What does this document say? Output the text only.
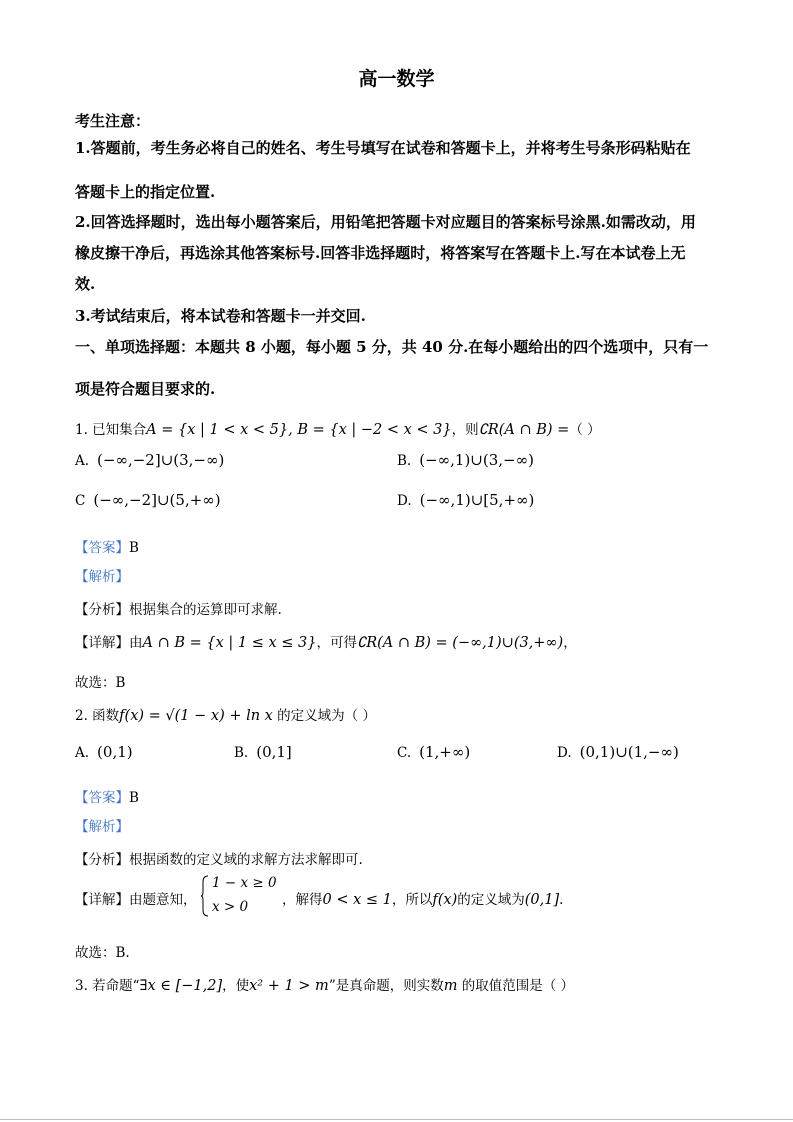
高一数学
考生注意：
1.答题前，考生务必将自己的姓名、考生号填写在试卷和答题卡上，并将考生号条形码粘贴在
答题卡上的指定位置.
2.回答选择题时，选出每小题答案后，用铅笔把答题卡对应题目的答案标号涂黑.如需改动，用
橡皮擦干净后，再选涂其他答案标号.回答非选择题时，将答案写在答题卡上.写在本试卷上无
效.
3.考试结束后，将本试卷和答题卡一并交回.
一、单项选择题：本题共 8 小题，每小题 5 分，共 40 分.在每小题给出的四个选项中，只有一
项是符合题目要求的.
1. 已知集合A = {x | 1 < x < 5}, B = {x | −2 < x < 3}，则∁R(A ∩ B) =（ ）
A. (−∞,−2]∪(3,−∞)	B. (−∞,1)∪(3,−∞)
C (−∞,−2]∪(5,+∞)	D. (−∞,1)∪[5,+∞)
【答案】B
【解析】
【分析】根据集合的运算即可求解.
【详解】由A ∩ B = {x | 1 ≤ x ≤ 3}，可得∁R(A ∩ B) = (−∞,1)∪(3,+∞)，
故选：B
2. 函数f(x) = √(1 − x) + ln x 的定义域为（ ）
A. (0,1)	B. (0,1]	C. (1,+∞)	D. (0,1)∪(1,−∞)
【答案】B
【解析】
【分析】根据函数的定义域的求解方法求解即可.
【详解】由题意知，
1 − x ≥ 0
x > 0	，解得0 < x ≤ 1，所以f(x)的定义域为(0,1].
故选：B.
3. 若命题“∃x ∈ [−1,2]，使x² + 1 > m”是真命题，则实数m 的取值范围是（ ）
